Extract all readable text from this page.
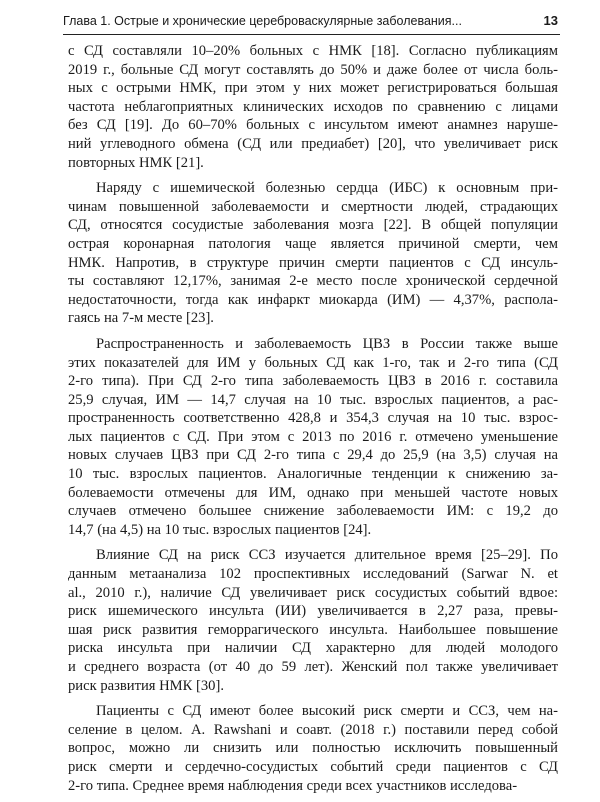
Глава 1. Острые и хронические цереброваскулярные заболевания...	13
с СД составляли 10–20% больных с НМК [18]. Согласно публикациям
2019 г., больные СД могут составлять до 50% и даже более от числа боль-
ных с острыми НМК, при этом у них может регистрироваться большая
частота неблагоприятных клинических исходов по сравнению с лицами
без СД [19]. До 60–70% больных с инсультом имеют анамнез наруше-
ний углеводного обмена (СД или предиабет) [20], что увеличивает риск
повторных НМК [21].
Наряду с ишемической болезнью сердца (ИБС) к основным при-
чинам повышенной заболеваемости и смертности людей, страдающих
СД, относятся сосудистые заболевания мозга [22]. В общей популяции
острая коронарная патология чаще является причиной смерти, чем
НМК. Напротив, в структуре причин смерти пациентов с СД инсуль-
ты составляют 12,17%, занимая 2-е место после хронической сердечной
недостаточности, тогда как инфаркт миокарда (ИМ) — 4,37%, распола-
гаясь на 7-м месте [23].
Распространенность и заболеваемость ЦВЗ в России также выше
этих показателей для ИМ у больных СД как 1-го, так и 2-го типа (СД
2-го типа). При СД 2-го типа заболеваемость ЦВЗ в 2016 г. составила
25,9 случая, ИМ — 14,7 случая на 10 тыс. взрослых пациентов, а рас-
пространенность соответственно 428,8 и 354,3 случая на 10 тыс. взрос-
лых пациентов с СД. При этом с 2013 по 2016 г. отмечено уменьшение
новых случаев ЦВЗ при СД 2-го типа с 29,4 до 25,9 (на 3,5) случая на
10 тыс. взрослых пациентов. Аналогичные тенденции к снижению за-
болеваемости отмечены для ИМ, однако при меньшей частоте новых
случаев отмечено большее снижение заболеваемости ИМ: с 19,2 до
14,7 (на 4,5) на 10 тыс. взрослых пациентов [24].
Влияние СД на риск ССЗ изучается длительное время [25–29]. По
данным метаанализа 102 проспективных исследований (Sarwar N. et
al., 2010 г.), наличие СД увеличивает риск сосудистых событий вдвое:
риск ишемического инсульта (ИИ) увеличивается в 2,27 раза, превы-
шая риск развития геморрагического инсульта. Наибольшее повышение
риска инсульта при наличии СД характерно для людей молодого
и среднего возраста (от 40 до 59 лет). Женский пол также увеличивает
риск развития НМК [30].
Пациенты с СД имеют более высокий риск смерти и ССЗ, чем на-
селение в целом. A. Rawshani и соавт. (2018 г.) поставили перед собой
вопрос, можно ли снизить или полностью исключить повышенный
риск смерти и сердечно-сосудистых событий среди пациентов с СД
2-го типа. Среднее время наблюдения среди всех участников исследова-
